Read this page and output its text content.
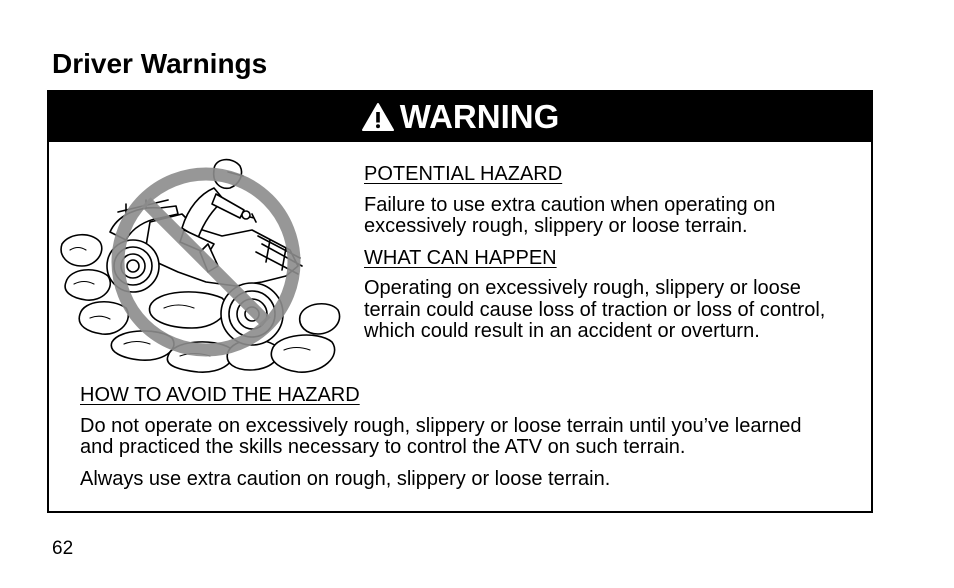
Driver Warnings
WARNING
POTENTIAL HAZARD
Failure to use extra caution when operating on
excessively rough, slippery or loose terrain.
WHAT CAN HAPPEN
Operating on excessively rough, slippery or loose
terrain could cause loss of traction or loss of control,
which could result in an accident or overturn.
HOW TO AVOID THE HAZARD
Do not operate on excessively rough, slippery or loose terrain until you’ve learned
and practiced the skills necessary to control the ATV on such terrain.
Always use extra caution on rough, slippery or loose terrain.
62
